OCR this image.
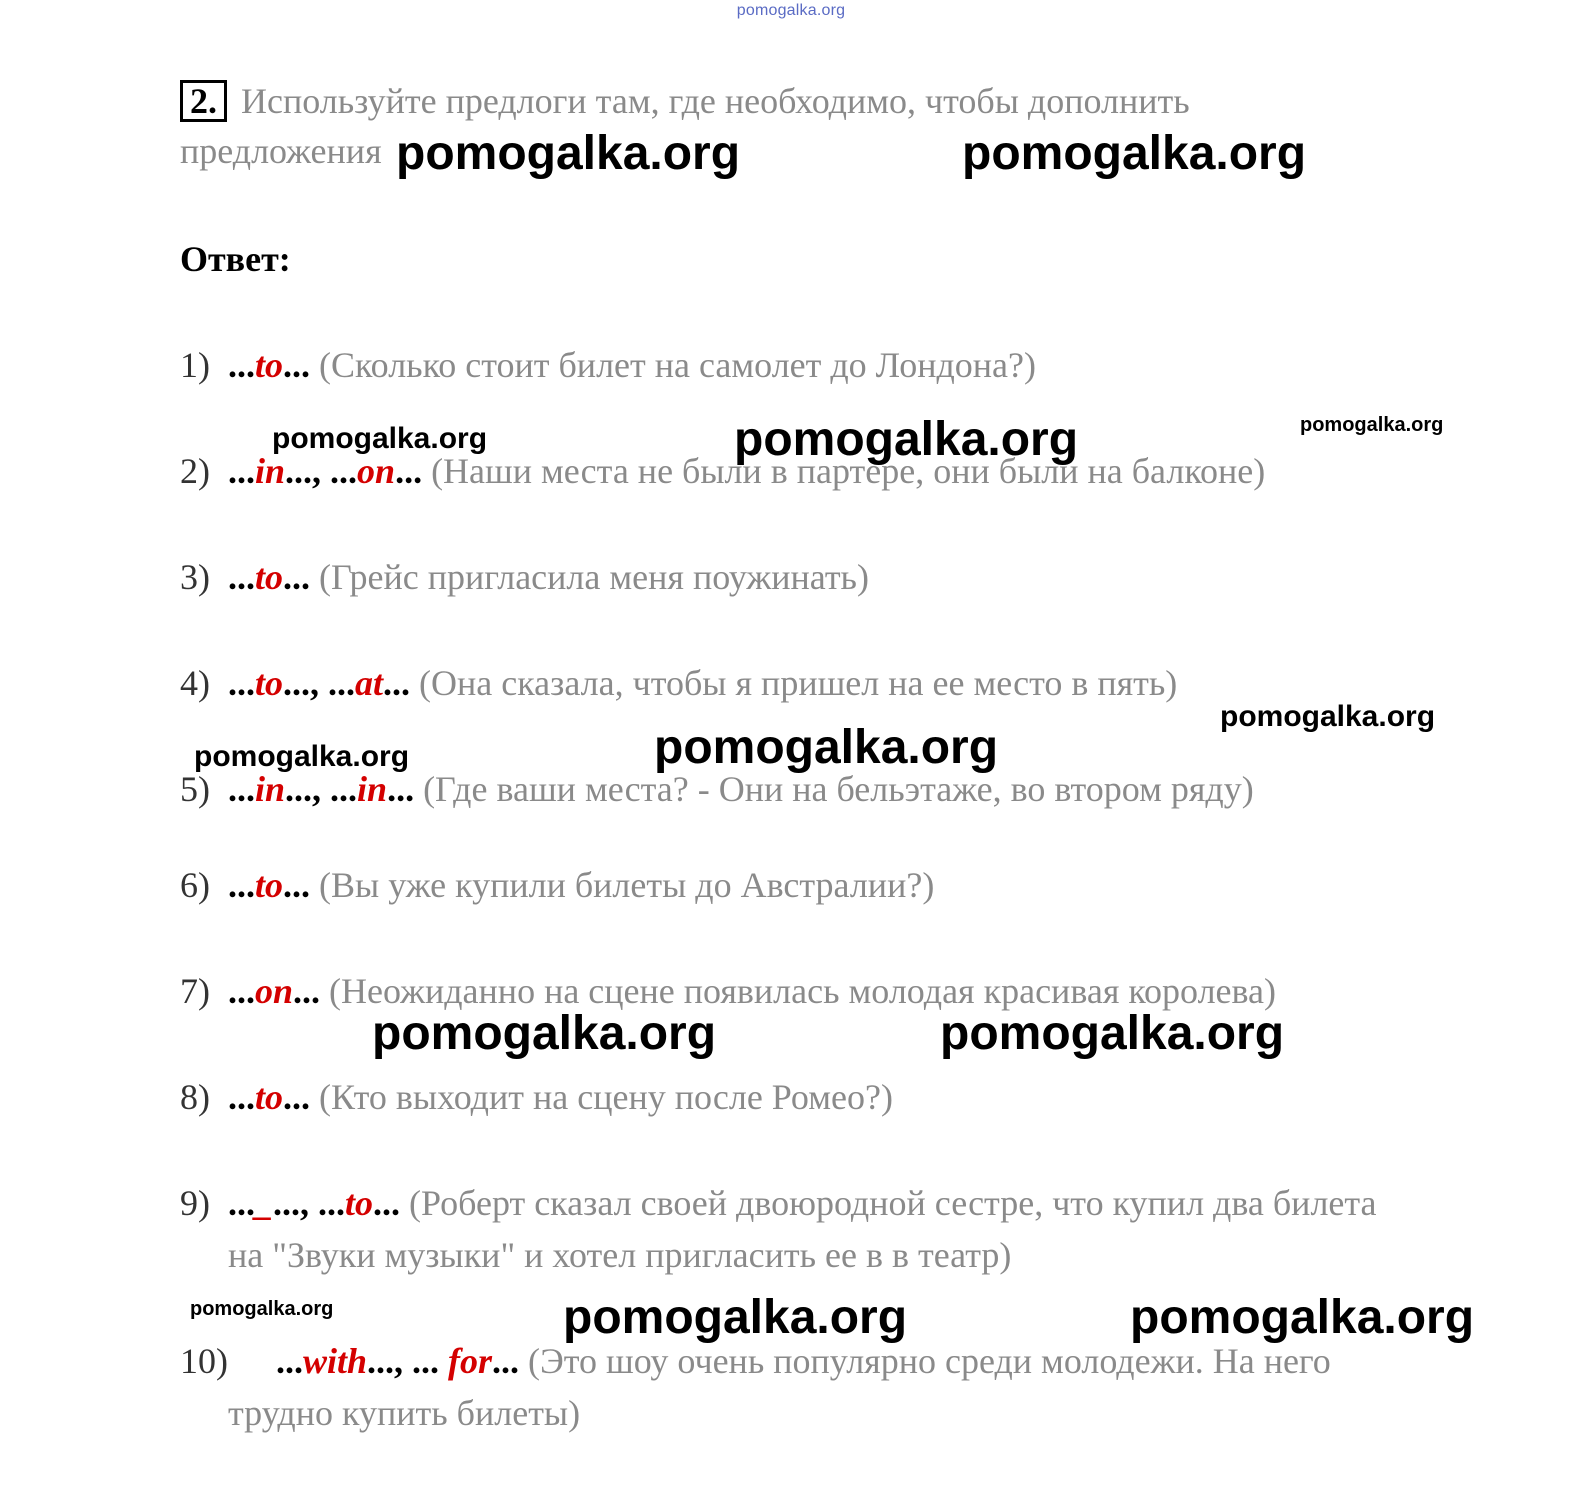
pomogalka.org
2. Используйте предлоги там, где необходимо, чтобы дополнить
предложения
Ответ:
1) ...to... (Сколько стоит билет на самолет до Лондона?)
2) ...in..., ...on... (Наши места не были в партере, они были на балконе)
3) ...to... (Грейс пригласила меня поужинать)
4) ...to..., ...at... (Она сказала, чтобы я пришел на ее место в пять)
5) ...in..., ...in... (Где ваши места? - Они на бельэтаже, во втором ряду)
6) ...to... (Вы уже купили билеты до Австралии?)
7) ...on... (Неожиданно на сцене появилась молодая красивая королева)
8) ...to... (Кто выходит на сцену после Ромео?)
9) ..._..., ...to... (Роберт сказал своей двоюродной сестре, что купил два билета
на "Звуки музыки" и хотел пригласить ее в в театр)
10) ...with..., ... for... (Это шоу очень популярно среди молодежи. На него
трудно купить билеты)
pomogalka.org	pomogalka.org
pomogalka.org	pomogalka.org	pomogalka.org
pomogalka.org
pomogalka.org	pomogalka.org
pomogalka.org	pomogalka.org
pomogalka.org	pomogalka.org	pomogalka.org
